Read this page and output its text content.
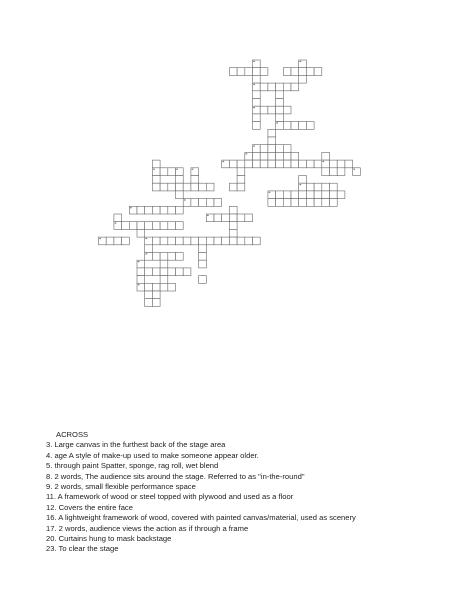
ACROSS
3. Large canvas in the furthest back of the stage area
4. age A style of make-up used to make someone appear older.
5. through paint Spatter, sponge, rag roll, wet blend
8. 2 words, The audience sits around the stage. Referred to as "in-the-round"
9. 2 words, small flexible performance space
11. A framework of wood or steel topped with plywood and used as a floor
12. Covers the entire face
16. A lightweight framework of wood, covered with painted canvas/material, used as scenery
17. 2 words, audience views the action as if through a frame
20. Curtains hung to mask backstage
23. To clear the stage
